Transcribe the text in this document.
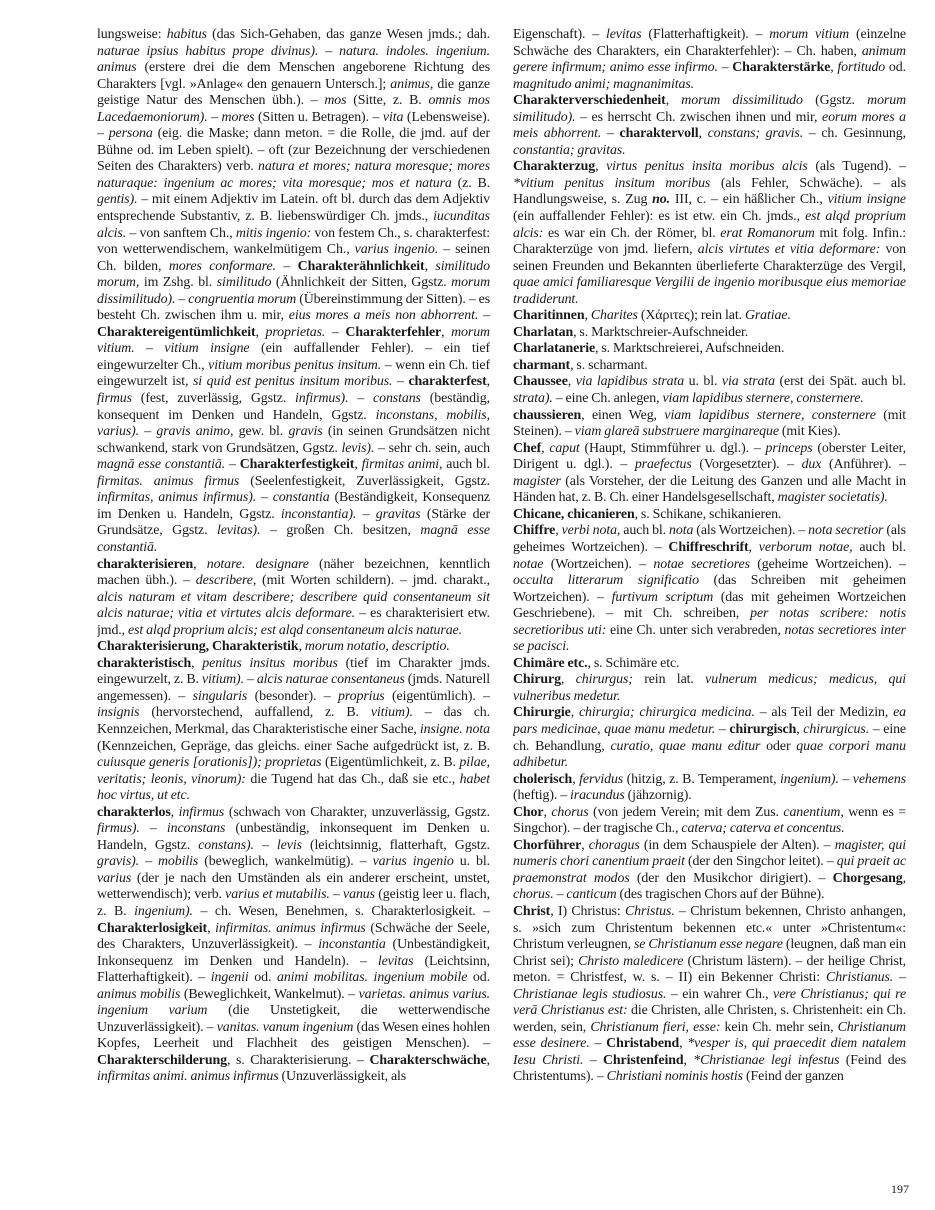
lungsweise: habitus (das Sich-Gehaben, das ganze Wesen jmds.; dah. naturae ipsius habitus prope divinus). – natura. indoles. ingenium. animus (erstere drei die dem Menschen angeborene Richtung des Charakters [vgl. »Anlage« den genauern Untersch.]; animus, die ganze geistige Natur des Menschen übh.). – mos (Sitte, z. B. omnis mos Lacedaemoniorum). – mores (Sitten u. Betragen). – vita (Lebensweise). – persona (eig. die Maske; dann meton. = die Rolle, die jmd. auf der Bühne od. im Leben spielt). – oft (zur Bezeichnung der verschiedenen Seiten des Charakters) verb. natura et mores; natura moresque; mores naturaque: ingenium ac mores; vita moresque; mos et natura (z. B. gentis). – mit einem Adjektiv im Latein. oft bl. durch das dem Adjektiv entsprechende Substantiv, z. B. liebenswürdiger Ch. jmds., iucunditas alcis. – von sanftem Ch., mitis ingenio: von festem Ch., s. charakterfest: von wetterwendischem, wankelmütigem Ch., varius ingenio. – seinen Ch. bilden, mores conformare. – Charakterähnlichkeit, similitudo morum, im Zshg. bl. similitudo (Ähnlichkeit der Sitten, Ggstz. morum dissimilitudo). – congruentia morum (Übereinstimmung der Sitten). – es besteht Ch. zwischen ihm u. mir, eius mores a meis non abhorrent. – Charaktereigentümlichkeit, proprietas. – Charakterfehler, morum vitium. – vitium insigne (ein auffallender Fehler). – ein tief eingewurzelter Ch., vitium moribus penitus insitum. – wenn ein Ch. tief eingewurzelt ist, si quid est penitus insitum moribus. – charakterfest, firmus (fest, zuverlässig, Ggstz. infirmus). – constans (beständig, konsequent im Denken und Handeln, Ggstz. inconstans, mobilis, varius). – gravis animo, gew. bl. gravis (in seinen Grundsätzen nicht schwankend, stark von Grundsätzen, Ggstz. levis). – sehr ch. sein, auch magnā esse constantiā. – Charakterfestigkeit, firmitas animi, auch bl. firmitas. animus firmus (Seelenfestigkeit, Zuverlässigkeit, Ggstz. infirmitas, animus infirmus). – constantia (Beständigkeit, Konsequenz im Denken u. Handeln, Ggstz. inconstantia). – gravitas (Stärke der Grundsätze, Ggstz. levitas). – großen Ch. besitzen, magnā esse constantiā.

charakterisieren, notare. designare (näher bezeichnen, kenntlich machen übh.). – describere, (mit Worten schildern). – jmd. charakt., alcis naturam et vitam describere; describere quid consentaneum sit alcis naturae; vitia et virtutes alcis deformare. – es charakterisiert etw. jmd., est alqd proprium alcis; est alqd consentaneum alcis naturae.

Charakterisierung, Charakteristik, morum notatio, descriptio.

charakteristisch, penitus insitus moribus (tief im Charakter jmds. eingewurzelt, z. B. vitium). – alcis naturae consentaneus (jmds. Naturell angemessen). – singularis (besonder). – proprius (eigentümlich). – insignis (hervorstechend, auffallend, z. B. vitium). – das ch. Kennzeichen, Merkmal, das Charakteristische einer Sache, insigne. nota (Kennzeichen, Gepräge, das gleichs. einer Sache aufgedrückt ist, z. B. cuiusque generis [orationis]); proprietas (Eigentümlichkeit, z. B. pilae, veritatis; leonis, vinorum): die Tugend hat das Ch., daß sie etc., habet hoc virtus, ut etc.

charakterlos, infirmus (schwach von Charakter, unzuverlässig, Ggstz. firmus). – inconstans (unbeständig, inkonsequent im Denken u. Handeln, Ggstz. constans). – levis (leichtsinnig, flatterhaft, Ggstz. gravis). – mobilis (beweglich, wankelmütig). – varius ingenio u. bl. varius (der je nach den Umständen als ein anderer erscheint, unstet, wetterwendisch); verb. varius et mutabilis. – vanus (geistig leer u. flach, z. B. ingenium). – ch. Wesen, Benehmen, s. Charakterlosigkeit. – Charakterlosigkeit, infirmitas. animus infirmus (Schwäche der Seele, des Charakters, Unzuverlässigkeit). – inconstantia (Unbeständigkeit, Inkonsequenz im Denken und Handeln). – levitas (Leichtsinn, Flatterhaftigkeit). – ingenii od. animi mobilitas. ingenium mobile od. animus mobilis (Beweglichkeit, Wankelmut). – varietas. animus varius. ingenium varium (die Unstetigkeit, die wetterwendische Unzuverlässigkeit). – vanitas. vanum ingenium (das Wesen eines hohlen Kopfes, Leerheit und Flachheit des geistigen Menschen). – Charakterschilderung, s. Charakterisierung. – Charakterschwäche, infirmitas animi. animus infirmus (Unzuverlässigkeit, als

Eigenschaft). – levitas (Flatterhaftigkeit). – morum vitium (einzelne Schwäche des Charakters, ein Charakterfehler): – Ch. haben, animum gerere infirmum; animo esse infirmo. – Charakterstärke, fortitudo od. magnitudo animi; magnanimitas.

Charakterverschiedenheit, morum dissimilitudo (Ggstz. morum similitudo). – es herrscht Ch. zwischen ihnen und mir, eorum mores a meis abhorrent. – charaktervoll, constans; gravis. – ch. Gesinnung, constantia; gravitas.

Charakterzug, virtus penitus insita moribus alcis (als Tugend). – *vitium penitus insitum moribus (als Fehler, Schwäche). – als Handlungsweise, s. Zug no. III, c. – ein häßlicher Ch., vitium insigne (ein auffallender Fehler): es ist etw. ein Ch. jmds., est alqd proprium alcis: es war ein Ch. der Römer, bl. erat Romanorum mit folg. Infin.: Charakterzüge von jmd. liefern, alcis virtutes et vitia deformare: von seinen Freunden und Bekannten überlieferte Charakterzüge des Vergil, quae amici familiaresque Vergilii de ingenio moribusque eius memoriae tradiderunt.

Charitinnen, Charites (Χάριτες); rein lat. Gratiae.

Charlatan, s. Marktschreier-Aufschneider.

Charlatanerie, s. Marktschreierei, Aufschneiden.

charmant, s. scharmant.

Chaussee, via lapidibus strata u. bl. via strata (erst dei Spät. auch bl. strata). – eine Ch. anlegen, viam lapidibus sternere, consternere.

chaussieren, einen Weg, viam lapidibus sternere, consternere (mit Steinen). – viam glareā substruere marginareque (mit Kies).

Chef, caput (Haupt, Stimmführer u. dgl.). – princeps (oberster Leiter, Dirigent u. dgl.). – praefectus (Vorgesetzter). – dux (Anführer). – magister (als Vorsteher, der die Leitung des Ganzen und alle Macht in Händen hat, z. B. Ch. einer Handelsgesellschaft, magister societatis).

Chicane, chicanieren, s. Schikane, schikanieren.

Chiffre, verbi nota, auch bl. nota (als Wortzeichen). – nota secretior (als geheimes Wortzeichen). – Chiffreschrift, verborum notae, auch bl. notae (Wortzeichen). – notae secretiores (geheime Wortzeichen). – occulta litterarum significatio (das Schreiben mit geheimen Wortzeichen). – furtivum scriptum (das mit geheimen Wortzeichen Geschriebene). – mit Ch. schreiben, per notas scribere: notis secretioribus uti: eine Ch. unter sich verabreden, notas secretiores inter se pacisci.

Chimäre etc., s. Schimäre etc.

Chirurg, chirurgus; rein lat. vulnerum medicus; medicus, qui vulneribus medetur.

Chirurgie, chirurgia; chirurgica medicina. – als Teil der Medizin, ea pars medicinae, quae manu medetur. – chirurgisch, chirurgicus. – eine ch. Behandlung, curatio, quae manu editur oder quae corpori manu adhibetur.

cholerisch, fervidus (hitzig, z. B. Temperament, ingenium). – vehemens (heftig). – iracundus (jähzornig).

Chor, chorus (von jedem Verein; mit dem Zus. canentium, wenn es = Singchor). – der tragische Ch., caterva; caterva et concentus.

Chorführer, choragus (in dem Schauspiele der Alten). – magister, qui numeris chori canentium praeit (der den Singchor leitet). – qui praeit ac praemonstrat modos (der den Musikchor dirigiert). – Chorgesang, chorus. – canticum (des tragischen Chors auf der Bühne).

Christ, I) Christus: Christus. – Christum bekennen, Christo anhangen, s. »sich zum Christentum bekennen etc.« unter »Christentum«: Christum verleugnen, se Christianum esse negare (leugnen, daß man ein Christ sei); Christo maledicere (Christum lästern). – der heilige Christ, meton. = Christfest, w. s. – II) ein Bekenner Christi: Christianus. – Christianae legis studiosus. – ein wahrer Ch., vere Christianus; qui re verā Christianus est: die Christen, alle Christen, s. Christenheit: ein Ch. werden, sein, Christianum fieri, esse: kein Ch. mehr sein, Christianum esse desinere. – Christabend, *vesper is, qui praecedit diem natalem Iesu Christi. – Christenfeind, *Christianae legi infestus (Feind des Christentums). – Christiani nominis hostis (Feind der ganzen

197
